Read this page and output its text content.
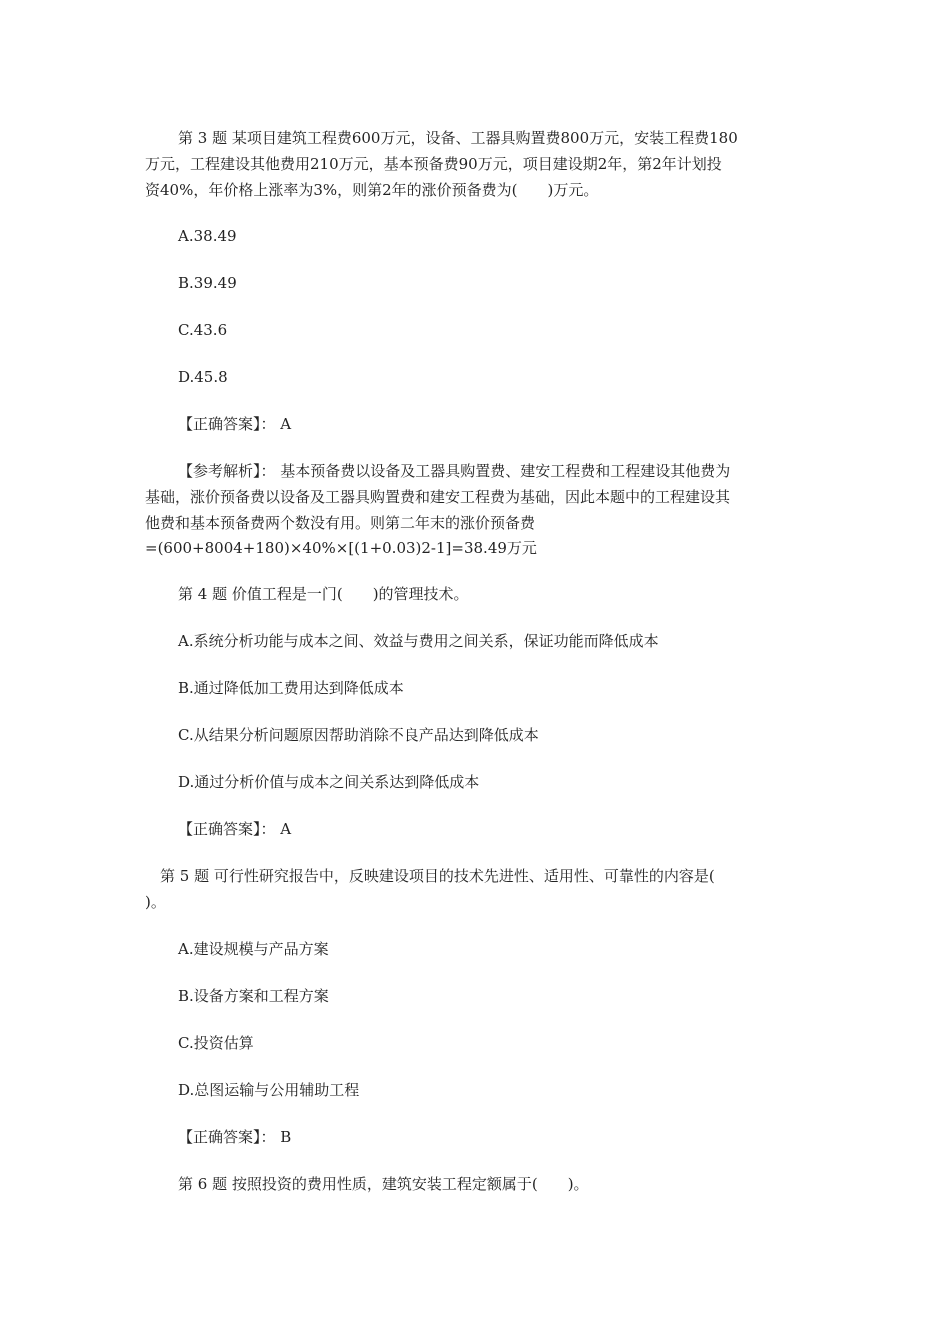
第 3 题 某项目建筑工程费600万元，设备、工器具购置费800万元，安装工程费180
万元，工程建设其他费用210万元，基本预备费90万元，项目建设期2年，第2年计划投
资40%，年价格上涨率为3%，则第2年的涨价预备费为(　　)万元。
A.38.49
B.39.49
C.43.6
D.45.8
【正确答案】： A
【参考解析】： 基本预备费以设备及工器具购置费、建安工程费和工程建设其他费为
基础，涨价预备费以设备及工器具购置费和建安工程费为基础，因此本题中的工程建设其
他费和基本预备费两个数没有用。则第二年末的涨价预备费
=(600+8004+180)×40%×[(1+0.03)2-1]=38.49万元
第 4 题 价值工程是一门(　　)的管理技术。
A.系统分析功能与成本之间、效益与费用之间关系，保证功能而降低成本
B.通过降低加工费用达到降低成本
C.从结果分析问题原因帮助消除不良产品达到降低成本
D.通过分析价值与成本之间关系达到降低成本
【正确答案】： A
第 5 题 可行性研究报告中，反映建设项目的技术先进性、适用性、可靠性的内容是(
)。
A.建设规模与产品方案
B.设备方案和工程方案
C.投资估算
D.总图运输与公用辅助工程
【正确答案】： B
第 6 题 按照投资的费用性质，建筑安装工程定额属于(　　)。
